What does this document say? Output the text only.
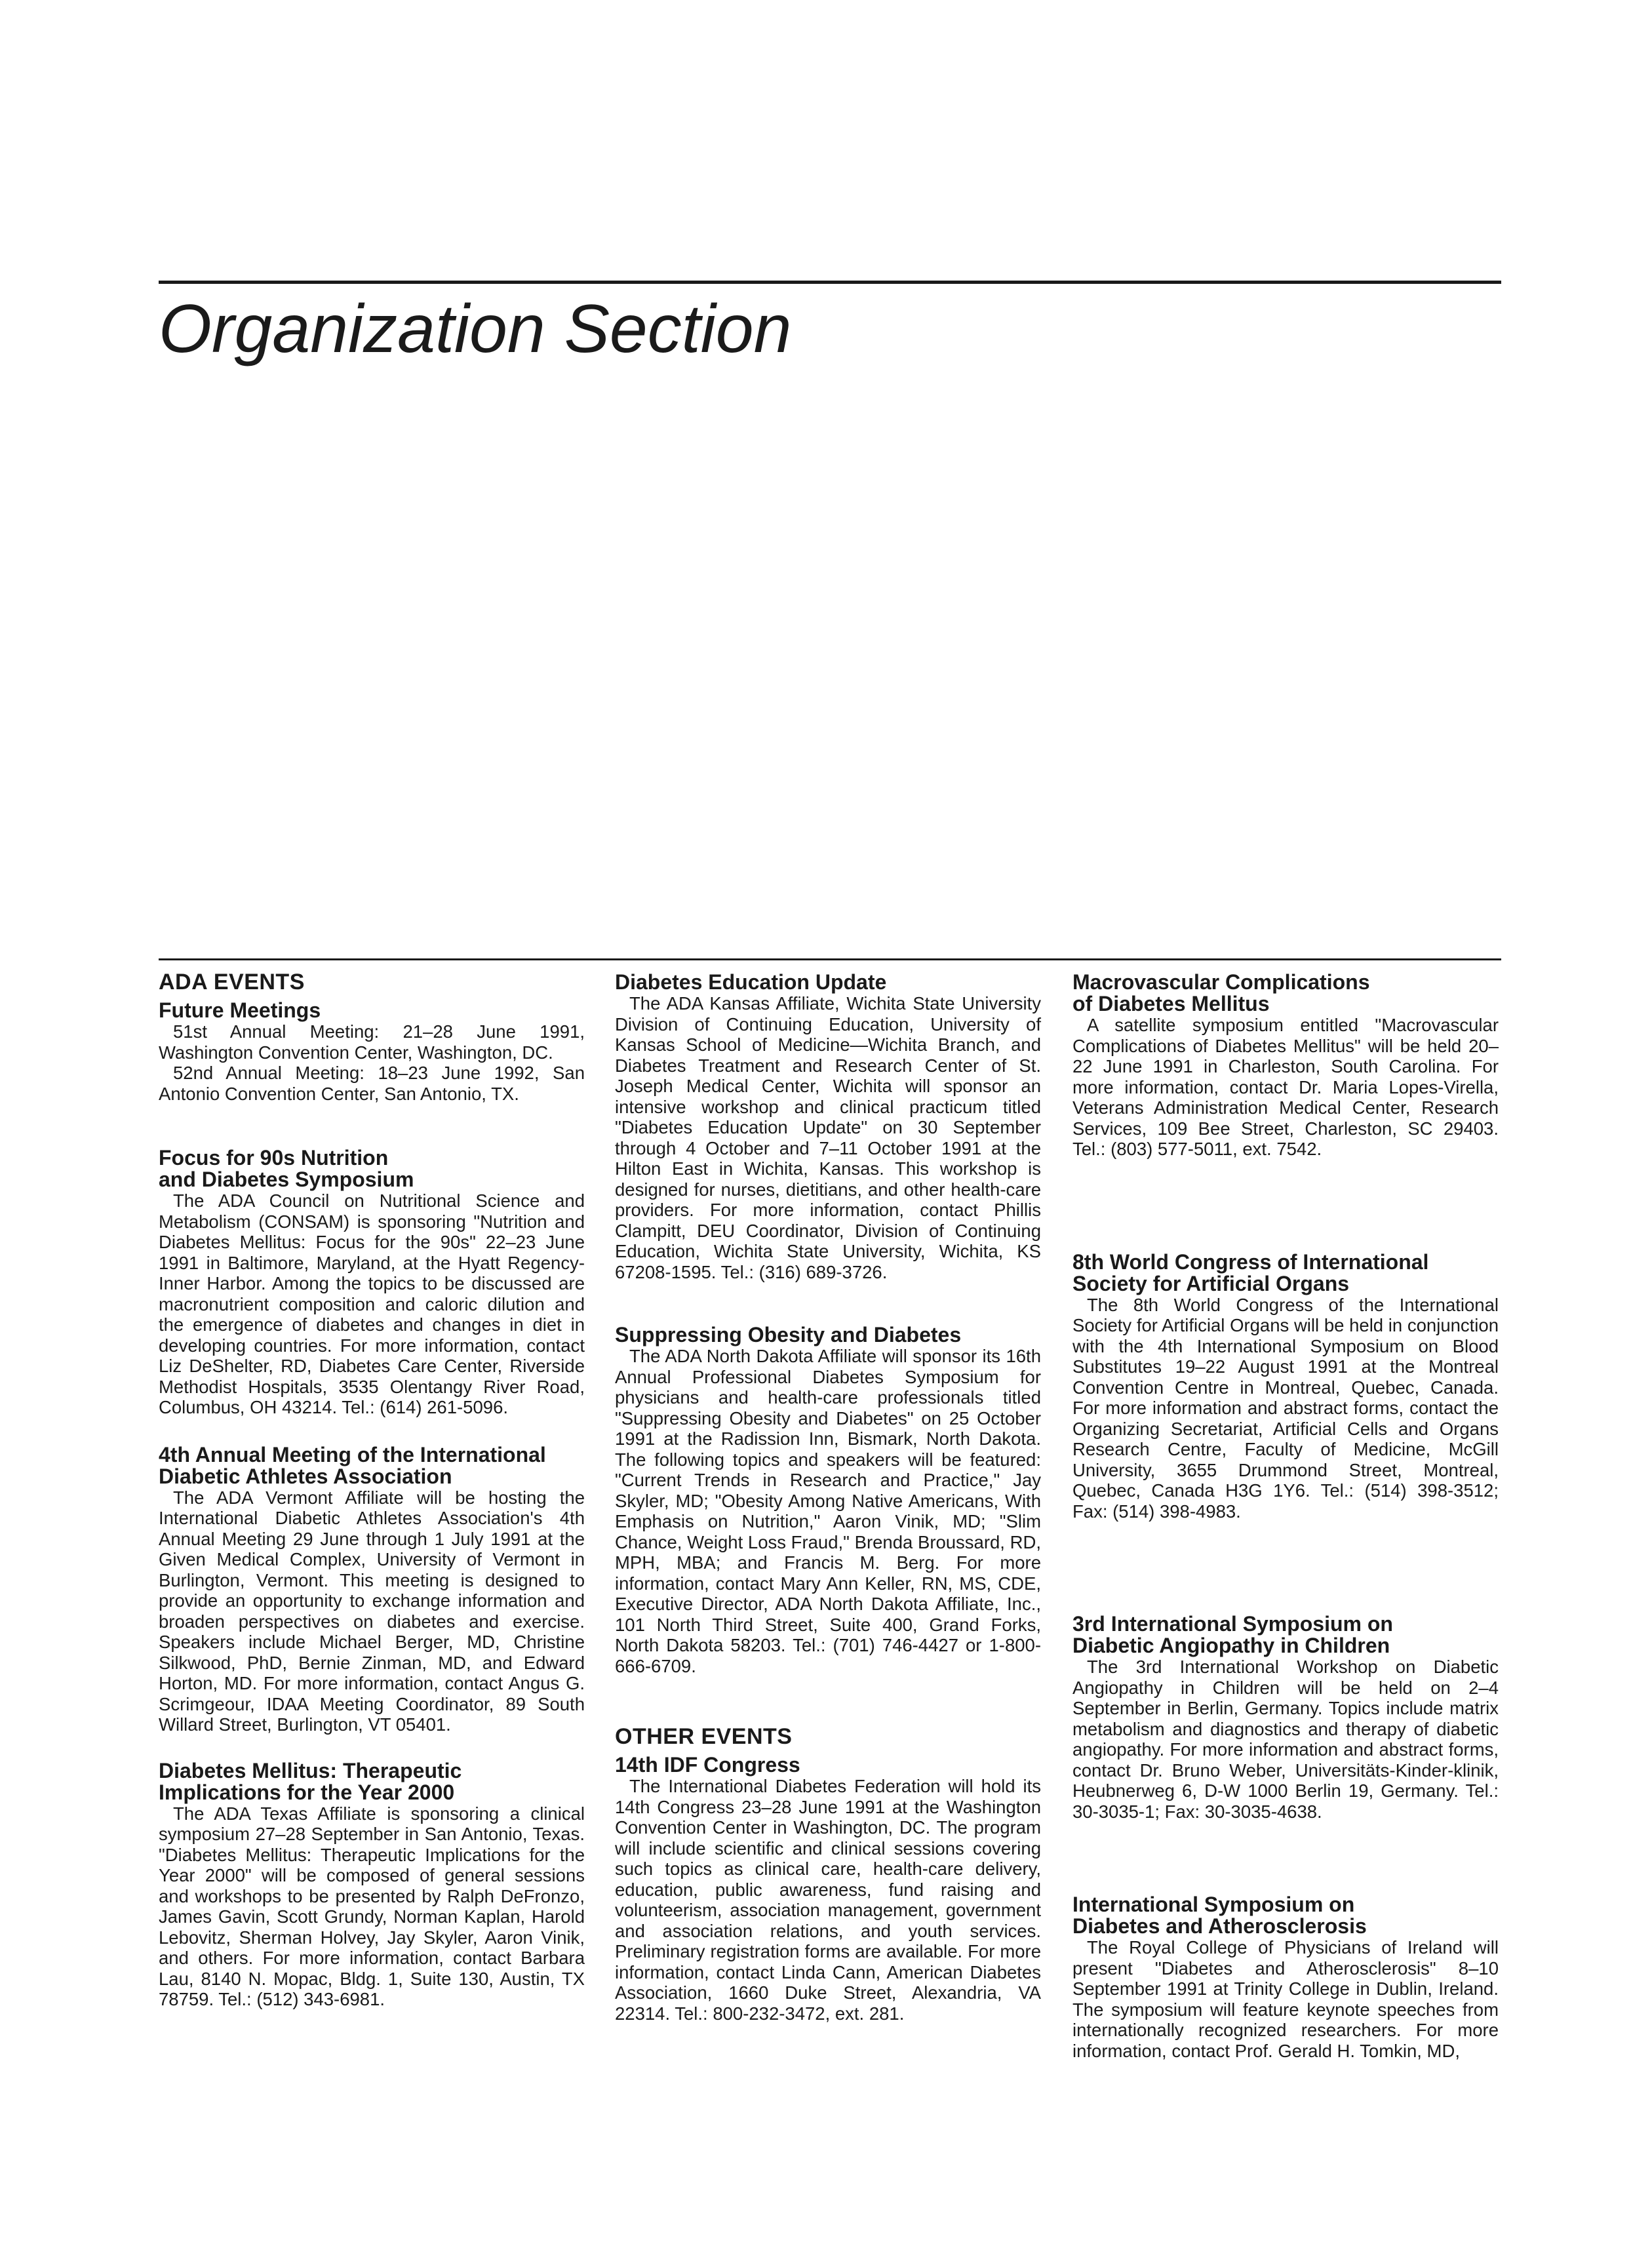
Organization Section
ADA EVENTS
Future Meetings

51st Annual Meeting: 21–28 June 1991, Washington Convention Center, Washington, DC.

52nd Annual Meeting: 18–23 June 1992, San Antonio Convention Center, San Antonio, TX.

Focus for 90s Nutrition
and Diabetes Symposium

The ADA Council on Nutritional Science and Metabolism (CONSAM) is sponsoring "Nutrition and Diabetes Mellitus: Focus for the 90s" 22–23 June 1991 in Baltimore, Maryland, at the Hyatt Regency-Inner Harbor. Among the topics to be discussed are macronutrient composition and caloric dilution and the emergence of diabetes and changes in diet in developing countries. For more information, contact Liz DeShelter, RD, Diabetes Care Center, Riverside Methodist Hospitals, 3535 Olentangy River Road, Columbus, OH 43214. Tel.: (614) 261-5096.

4th Annual Meeting of the International
Diabetic Athletes Association

The ADA Vermont Affiliate will be hosting the International Diabetic Athletes Association's 4th Annual Meeting 29 June through 1 July 1991 at the Given Medical Complex, University of Vermont in Burlington, Vermont. This meeting is designed to provide an opportunity to exchange information and broaden perspectives on diabetes and exercise. Speakers include Michael Berger, MD, Christine Silkwood, PhD, Bernie Zinman, MD, and Edward Horton, MD. For more information, contact Angus G. Scrimgeour, IDAA Meeting Coordinator, 89 South Willard Street, Burlington, VT 05401.

Diabetes Mellitus: Therapeutic
Implications for the Year 2000

The ADA Texas Affiliate is sponsoring a clinical symposium 27–28 September in San Antonio, Texas. "Diabetes Mellitus: Therapeutic Implications for the Year 2000" will be composed of general sessions and workshops to be presented by Ralph DeFronzo, James Gavin, Scott Grundy, Norman Kaplan, Harold Lebovitz, Sherman Holvey, Jay Skyler, Aaron Vinik, and others. For more information, contact Barbara Lau, 8140 N. Mopac, Bldg. 1, Suite 130, Austin, TX 78759. Tel.: (512) 343-6981.

Diabetes Education Update

The ADA Kansas Affiliate, Wichita State University Division of Continuing Education, University of Kansas School of Medicine—Wichita Branch, and Diabetes Treatment and Research Center of St. Joseph Medical Center, Wichita will sponsor an intensive workshop and clinical practicum titled "Diabetes Education Update" on 30 September through 4 October and 7–11 October 1991 at the Hilton East in Wichita, Kansas. This workshop is designed for nurses, dietitians, and other health-care providers. For more information, contact Phillis Clampitt, DEU Coordinator, Division of Continuing Education, Wichita State University, Wichita, KS 67208-1595. Tel.: (316) 689-3726.

Suppressing Obesity and Diabetes

The ADA North Dakota Affiliate will sponsor its 16th Annual Professional Diabetes Symposium for physicians and health-care professionals titled "Suppressing Obesity and Diabetes" on 25 October 1991 at the Radission Inn, Bismark, North Dakota. The following topics and speakers will be featured: "Current Trends in Research and Practice," Jay Skyler, MD; "Obesity Among Native Americans, With Emphasis on Nutrition," Aaron Vinik, MD; "Slim Chance, Weight Loss Fraud," Brenda Broussard, RD, MPH, MBA; and Francis M. Berg. For more information, contact Mary Ann Keller, RN, MS, CDE, Executive Director, ADA North Dakota Affiliate, Inc., 101 North Third Street, Suite 400, Grand Forks, North Dakota 58203. Tel.: (701) 746-4427 or 1-800-666-6709.

OTHER EVENTS
14th IDF Congress

The International Diabetes Federation will hold its 14th Congress 23–28 June 1991 at the Washington Convention Center in Washington, DC. The program will include scientific and clinical sessions covering such topics as clinical care, health-care delivery, education, public awareness, fund raising and volunteerism, association management, government and association relations, and youth services. Preliminary registration forms are available. For more information, contact Linda Cann, American Diabetes Association, 1660 Duke Street, Alexandria, VA 22314. Tel.: 800-232-3472, ext. 281.

Macrovascular Complications
of Diabetes Mellitus

A satellite symposium entitled "Macrovascular Complications of Diabetes Mellitus" will be held 20–22 June 1991 in Charleston, South Carolina. For more information, contact Dr. Maria Lopes-Virella, Veterans Administration Medical Center, Research Services, 109 Bee Street, Charleston, SC 29403. Tel.: (803) 577-5011, ext. 7542.

8th World Congress of International
Society for Artificial Organs

The 8th World Congress of the International Society for Artificial Organs will be held in conjunction with the 4th International Symposium on Blood Substitutes 19–22 August 1991 at the Montreal Convention Centre in Montreal, Quebec, Canada. For more information and abstract forms, contact the Organizing Secretariat, Artificial Cells and Organs Research Centre, Faculty of Medicine, McGill University, 3655 Drummond Street, Montreal, Quebec, Canada H3G 1Y6. Tel.: (514) 398-3512; Fax: (514) 398-4983.

3rd International Symposium on
Diabetic Angiopathy in Children

The 3rd International Workshop on Diabetic Angiopathy in Children will be held on 2–4 September in Berlin, Germany. Topics include matrix metabolism and diagnostics and therapy of diabetic angiopathy. For more information and abstract forms, contact Dr. Bruno Weber, Universitäts-Kinder-klinik, Heubnerweg 6, D-W 1000 Berlin 19, Germany. Tel.: 30-3035-1; Fax: 30-3035-4638.

International Symposium on
Diabetes and Atherosclerosis

The Royal College of Physicians of Ireland will present "Diabetes and Atherosclerosis" 8–10 September 1991 at Trinity College in Dublin, Ireland. The symposium will feature keynote speeches from internationally recognized researchers. For more information, contact Prof. Gerald H. Tomkin, MD,
